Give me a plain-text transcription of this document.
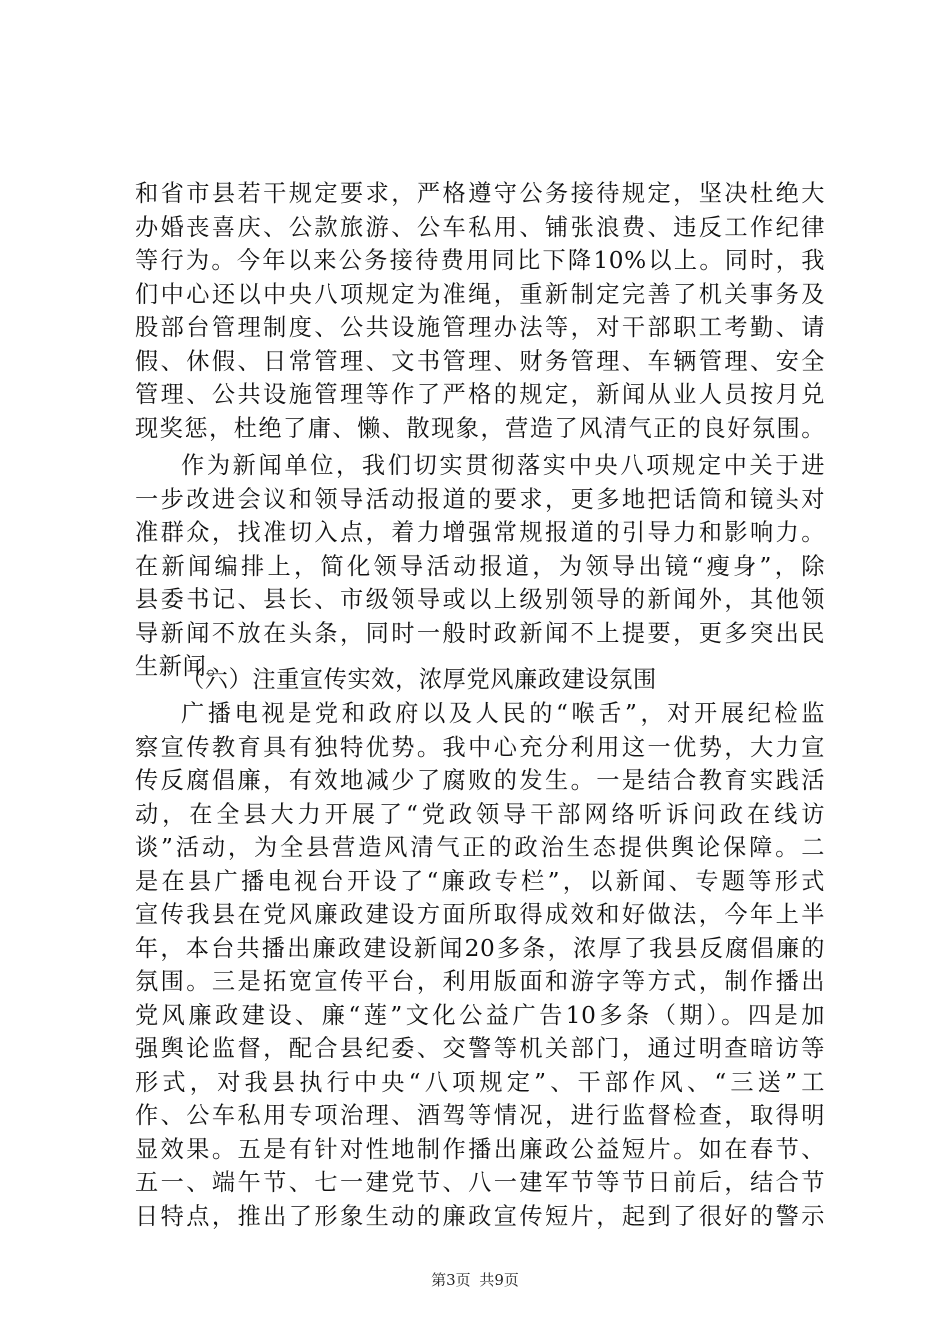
和省市县若干规定要求，严格遵守公务接待规定，坚决杜绝大
办婚丧喜庆、公款旅游、公车私用、铺张浪费、违反工作纪律
等行为。今年以来公务接待费用同比下降10%以上。同时，我
们中心还以中央八项规定为准绳，重新制定完善了机关事务及
股部台管理制度、公共设施管理办法等，对干部职工考勤、请
假、休假、日常管理、文书管理、财务管理、车辆管理、安全
管理、公共设施管理等作了严格的规定，新闻从业人员按月兑
现奖惩，杜绝了庸、懒、散现象，营造了风清气正的良好氛围。
作为新闻单位，我们切实贯彻落实中央八项规定中关于进
一步改进会议和领导活动报道的要求，更多地把话筒和镜头对
准群众，找准切入点，着力增强常规报道的引导力和影响力。
在新闻编排上，简化领导活动报道，为领导出镜“瘦身”，除
县委书记、县长、市级领导或以上级别领导的新闻外，其他领
导新闻不放在头条，同时一般时政新闻不上提要，更多突出民
生新闻。
（六）注重宣传实效，浓厚党风廉政建设氛围
广播电视是党和政府以及人民的“喉舌”，对开展纪检监
察宣传教育具有独特优势。我中心充分利用这一优势，大力宣
传反腐倡廉，有效地减少了腐败的发生。一是结合教育实践活
动，在全县大力开展了“党政领导干部网络听诉问政在线访
谈”活动，为全县营造风清气正的政治生态提供舆论保障。二
是在县广播电视台开设了“廉政专栏”，以新闻、专题等形式
宣传我县在党风廉政建设方面所取得成效和好做法，今年上半
年，本台共播出廉政建设新闻20多条，浓厚了我县反腐倡廉的
氛围。三是拓宽宣传平台，利用版面和游字等方式，制作播出
党风廉政建设、廉“莲”文化公益广告10多条（期）。四是加
强舆论监督，配合县纪委、交警等机关部门，通过明查暗访等
形式，对我县执行中央“八项规定”、干部作风、“三送”工
作、公车私用专项治理、酒驾等情况，进行监督检查，取得明
显效果。五是有针对性地制作播出廉政公益短片。如在春节、
五一、端午节、七一建党节、八一建军节等节日前后，结合节
日特点，推出了形象生动的廉政宣传短片，起到了很好的警示
第3页 共9页
